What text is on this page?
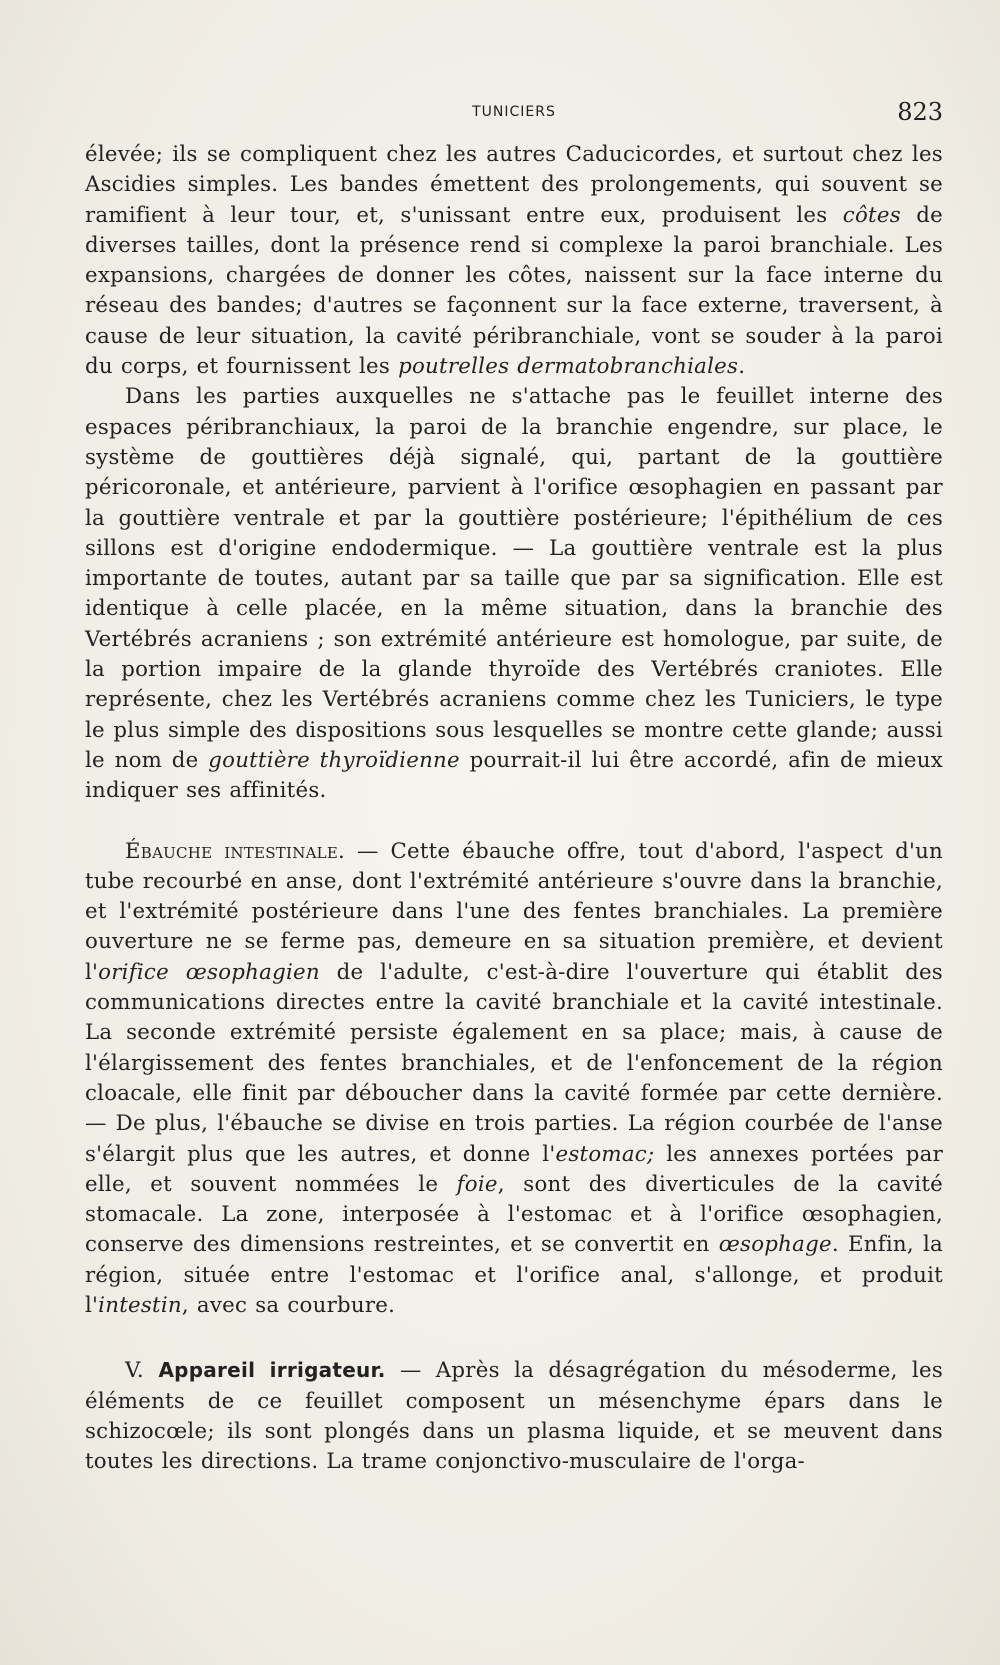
TUNICIERS	823

élevée; ils se compliquent chez les autres Caducicordes, et surtout chez les Ascidies simples. Les bandes émettent des prolongements, qui souvent se ramifient à leur tour, et, s'unissant entre eux, produisent les côtes de diverses tailles, dont la présence rend si complexe la paroi branchiale. Les expansions, chargées de donner les côtes, naissent sur la face interne du réseau des bandes; d'autres se façonnent sur la face externe, traversent, à cause de leur situation, la cavité péribranchiale, vont se souder à la paroi du corps, et fournissent les poutrelles dermatobranchiales.

Dans les parties auxquelles ne s'attache pas le feuillet interne des espaces péribranchiaux, la paroi de la branchie engendre, sur place, le système de gouttières déjà signalé, qui, partant de la gouttière péricoronale, et antérieure, parvient à l'orifice œsophagien en passant par la gouttière ventrale et par la gouttière postérieure; l'épithélium de ces sillons est d'origine endodermique. — La gouttière ventrale est la plus importante de toutes, autant par sa taille que par sa signification. Elle est identique à celle placée, en la même situation, dans la branchie des Vertébrés acraniens ; son extrémité antérieure est homologue, par suite, de la portion impaire de la glande thyroïde des Vertébrés craniotes. Elle représente, chez les Vertébrés acraniens comme chez les Tuniciers, le type le plus simple des dispositions sous lesquelles se montre cette glande; aussi le nom de gouttière thyroïdienne pourrait-il lui être accordé, afin de mieux indiquer ses affinités.

Ébauche intestinale. — Cette ébauche offre, tout d'abord, l'aspect d'un tube recourbé en anse, dont l'extrémité antérieure s'ouvre dans la branchie, et l'extrémité postérieure dans l'une des fentes branchiales. La première ouverture ne se ferme pas, demeure en sa situation première, et devient l'orifice œsophagien de l'adulte, c'est-à-dire l'ouverture qui établit des communications directes entre la cavité branchiale et la cavité intestinale. La seconde extrémité persiste également en sa place; mais, à cause de l'élargissement des fentes branchiales, et de l'enfoncement de la région cloacale, elle finit par déboucher dans la cavité formée par cette dernière. — De plus, l'ébauche se divise en trois parties. La région courbée de l'anse s'élargit plus que les autres, et donne l'estomac; les annexes portées par elle, et souvent nommées le foie, sont des diverticules de la cavité stomacale. La zone, interposée à l'estomac et à l'orifice œsophagien, conserve des dimensions restreintes, et se convertit en œsophage. Enfin, la région, située entre l'estomac et l'orifice anal, s'allonge, et produit l'intestin, avec sa courbure.

V. Appareil irrigateur. — Après la désagrégation du mésoderme, les éléments de ce feuillet composent un mésenchyme épars dans le schizocœle; ils sont plongés dans un plasma liquide, et se meuvent dans toutes les directions. La trame conjonctivo-musculaire de l'orga-
